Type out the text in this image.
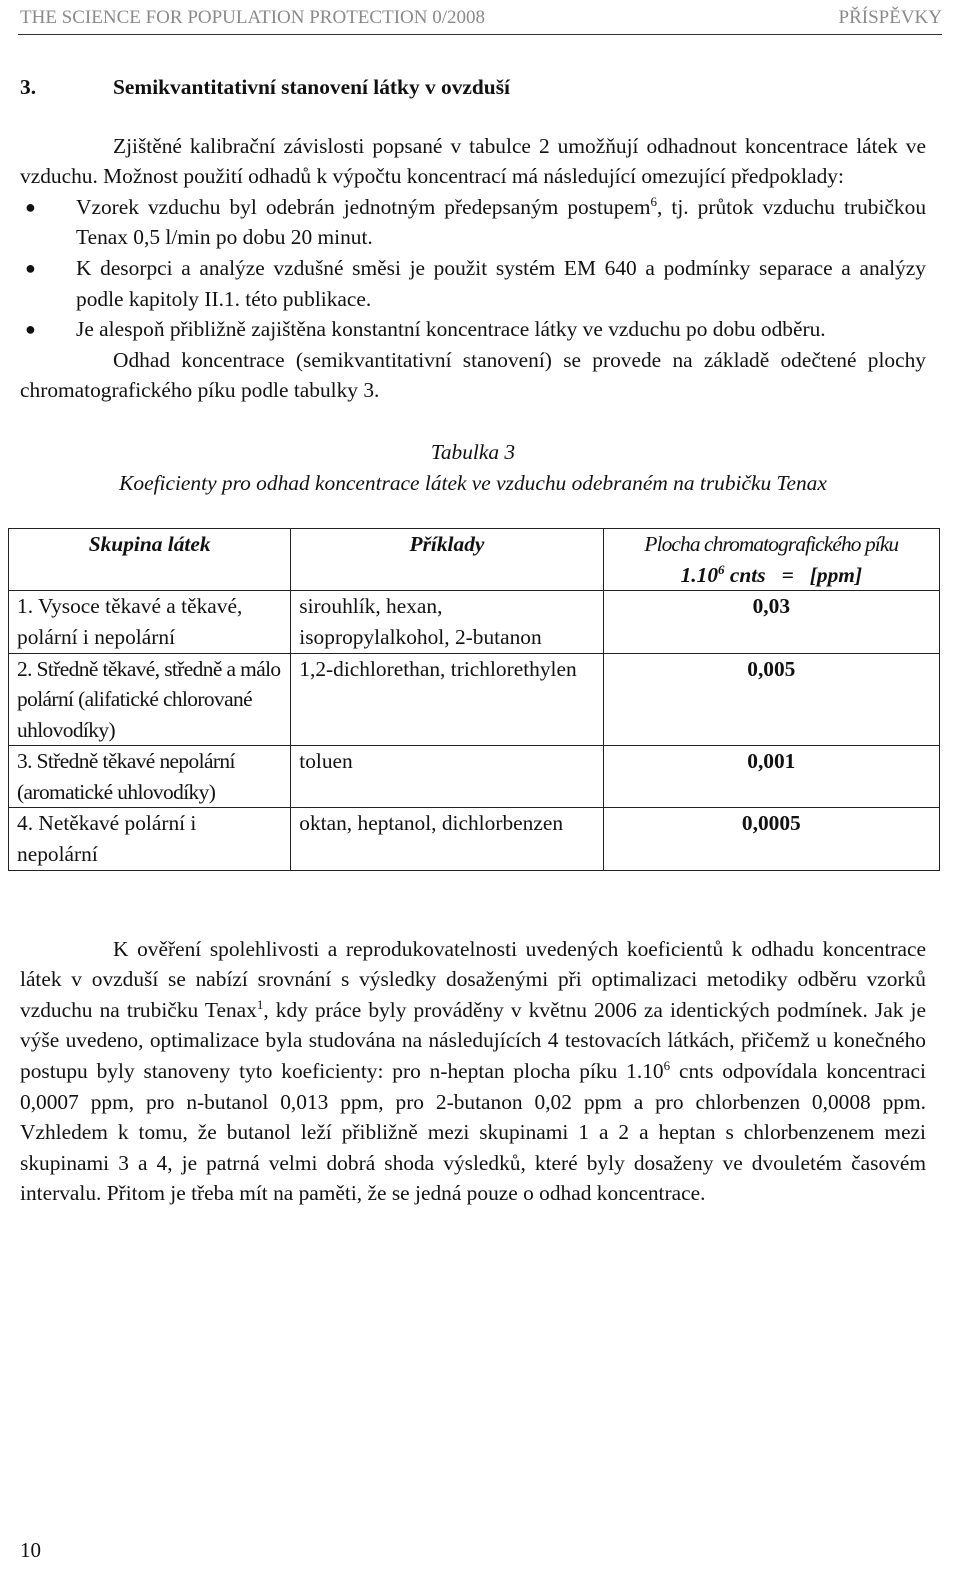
THE SCIENCE FOR POPULATION PROTECTION 0/2008	PŘÍSPĚVKY
3.	Semikvantitativní stanovení látky v ovzduší

Zjištěné kalibrační závislosti popsané v tabulce 2 umožňují odhadnout koncentrace látek ve vzduchu. Možnost použití odhadů k výpočtu koncentrací má následující omezující předpoklady:

● Vzorek vzduchu byl odebrán jednotným předepsaným postupem$^6$, tj. průtok vzduchu trubičkou Tenax 0,5 l/min po dobu 20 minut.
● K desorpci a analýze vzdušné směsi je použit systém EM 640 a podmínky separace a analýzy podle kapitoly II.1. této publikace.
● Je alespoň přibližně zajištěna konstantní koncentrace látky ve vzduchu po dobu odběru.

Odhad koncentrace (semikvantitativní stanovení) se provede na základě odečtené plochy chromatografického píku podle tabulky 3.

Tabulka 3
Koeficienty pro odhad koncentrace látek ve vzduchu odebraném na trubičku Tenax
Skupina látek	Příklady	Plocha chromatografického píku
1.10$^6$ cnts   =   [ppm]

1. Vysoce těkavé a těkavé, polární i nepolární	sirouhlík, hexan, isopropylalkohol, 2-butanon	0,03
2. Středně těkavé, středně a málo polární (alifatické chlorované uhlovodíky)	1,2-dichlorethan, trichlorethylen	0,005
3. Středně těkavé nepolární (aromatické uhlovodíky)	toluen	0,001
4. Netěkavé polární i nepolární	oktan, heptanol, dichlorbenzen	0,0005

K ověření spolehlivosti a reprodukovatelnosti uvedených koeficientů k odhadu koncentrace látek v ovzduší se nabízí srovnání s výsledky dosaženými při optimalizaci metodiky odběru vzorků vzduchu na trubičku Tenax$^1$, kdy práce byly prováděny v květnu 2006 za identických podmínek. Jak je výše uvedeno, optimalizace byla studována na následujících 4 testovacích látkách, přičemž u konečného postupu byly stanoveny tyto koeficienty: pro n-heptan plocha píku 1.10$^6$ cnts odpovídala koncentraci 0,0007 ppm, pro n-butanol 0,013 ppm, pro 2-butanon 0,02 ppm a pro chlorbenzen 0,0008 ppm. Vzhledem k tomu, že butanol leží přibližně mezi skupinami 1 a 2 a heptan s chlorbenzenem mezi skupinami 3 a 4, je patrná velmi dobrá shoda výsledků, které byly dosaženy ve dvouletém časovém intervalu. Přitom je třeba mít na paměti, že se jedná pouze o odhad koncentrace.

10
